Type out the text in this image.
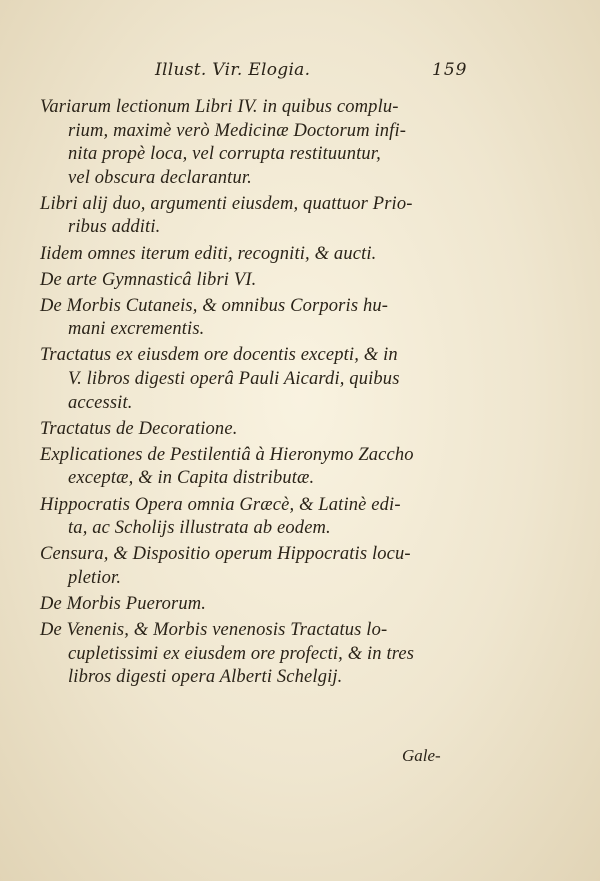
Illust. Vir. Elogia.	159
Variarum lectionum Libri IV. in quibus complu-
rium, maximè verò Medicinæ Doctorum infi-
nita propè loca, vel corrupta restituuntur,
vel obscura declarantur.
Libri alij duo, argumenti eiusdem, quattuor Prio-
ribus additi.
Iidem omnes iterum editi, recogniti, & aucti.
De arte Gymnasticâ libri VI.
De Morbis Cutaneis, & omnibus Corporis hu-
mani excrementis.
Tractatus ex eiusdem ore docentis excepti, & in
V. libros digesti operâ Pauli Aicardi, quibus
accessit.
Tractatus de Decoratione.
Explicationes de Pestilentiâ à Hieronymo Zaccho
exceptæ, & in Capita distributæ.
Hippocratis Opera omnia Græcè, & Latinè edi-
ta, ac Scholijs illustrata ab eodem.
Censura, & Dispositio operum Hippocratis locu-
pletior.
De Morbis Puerorum.
De Venenis, & Morbis venenosis Tractatus lo-
cupletissimi ex eiusdem ore profecti, & in tres
libros digesti opera Alberti Schelgij.
Gale-
